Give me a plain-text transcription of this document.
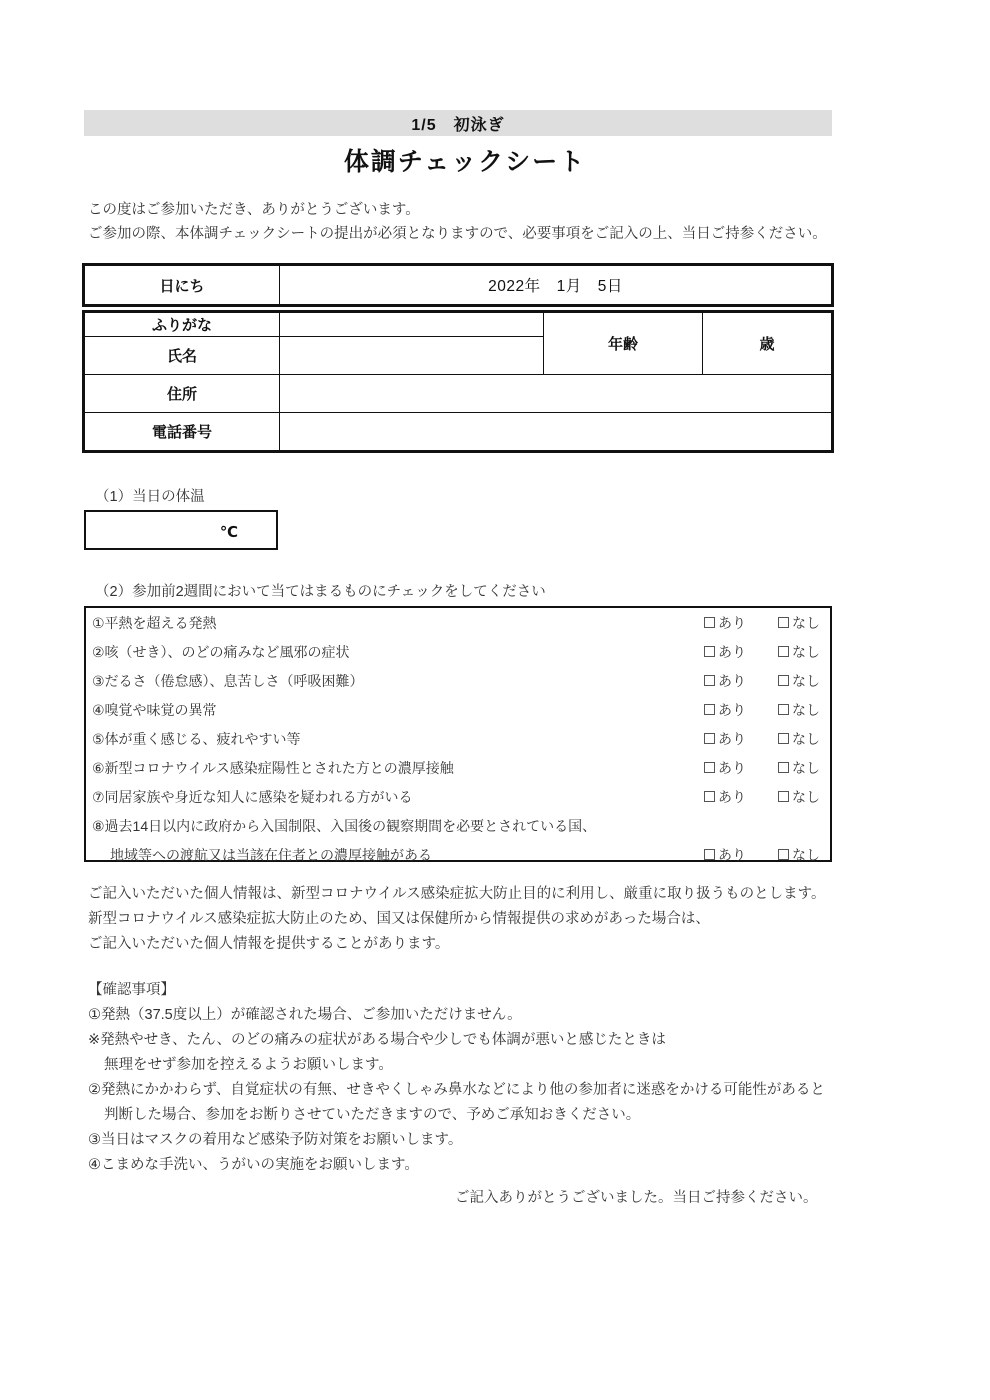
1/5　初泳ぎ
体調チェックシート
この度はご参加いただき、ありがとうございます。
ご参加の際、本体調チェックシートの提出が必須となりますので、必要事項をご記入の上、当日ご持参ください。
日にち	2022年　1月　5日
ふりがな		年齢	歳
氏名			
住所			
電話番号			
（1）当日の体温
℃
（2）参加前2週間において当てはまるものにチェックをしてください
①平熱を超える発熱	あり	なし
②咳（せき）、のどの痛みなど風邪の症状	あり	なし
③だるさ（倦怠感）、息苦しさ（呼吸困難）	あり	なし
④嗅覚や味覚の異常	あり	なし
⑤体が重く感じる、疲れやすい等	あり	なし
⑥新型コロナウイルス感染症陽性とされた方との濃厚接触	あり	なし
⑦同居家族や身近な知人に感染を疑われる方がいる	あり	なし
⑧過去14日以内に政府から入国制限、入国後の観察期間を必要とされている国、
地域等への渡航又は当該在住者との濃厚接触がある	あり	なし
ご記入いただいた個人情報は、新型コロナウイルス感染症拡大防止目的に利用し、厳重に取り扱うものとします。
新型コロナウイルス感染症拡大防止のため、国又は保健所から情報提供の求めがあった場合は、
ご記入いただいた個人情報を提供することがあります。
【確認事項】
①発熱（37.5度以上）が確認された場合、ご参加いただけません。
※発熱やせき、たん、のどの痛みの症状がある場合や少しでも体調が悪いと感じたときは
無理をせず参加を控えるようお願いします。
②発熱にかかわらず、自覚症状の有無、せきやくしゃみ鼻水などにより他の参加者に迷惑をかける可能性があると
判断した場合、参加をお断りさせていただきますので、予めご承知おきください。
③当日はマスクの着用など感染予防対策をお願いします。
④こまめな手洗い、うがいの実施をお願いします。
ご記入ありがとうございました。当日ご持参ください。
